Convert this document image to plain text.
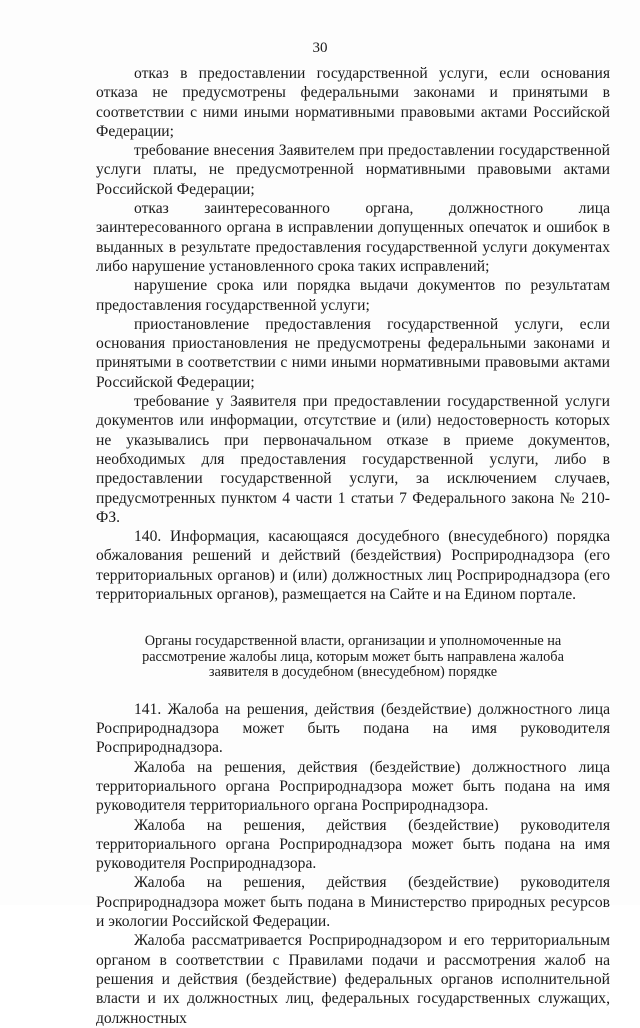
30

отказ в предоставлении государственной услуги, если основания отказа не предусмотрены федеральными законами и принятыми в соответствии с ними иными нормативными правовыми актами Российской Федерации;

требование внесения Заявителем при предоставлении государственной услуги платы, не предусмотренной нормативными правовыми актами Российской Федерации;

отказ заинтересованного органа, должностного лица заинтересованного органа в исправлении допущенных опечаток и ошибок в выданных в результате предоставления государственной услуги документах либо нарушение установленного срока таких исправлений;

нарушение срока или порядка выдачи документов по результатам предоставления государственной услуги;

приостановление предоставления государственной услуги, если основания приостановления не предусмотрены федеральными законами и принятыми в соответствии с ними иными нормативными правовыми актами Российской Федерации;

требование у Заявителя при предоставлении государственной услуги документов или информации, отсутствие и (или) недостоверность которых не указывались при первоначальном отказе в приеме документов, необходимых для предоставления государственной услуги, либо в предоставлении государственной услуги, за исключением случаев, предусмотренных пунктом 4 части 1 статьи 7 Федерального закона № 210-ФЗ.

140. Информация, касающаяся досудебного (внесудебного) порядка обжалования решений и действий (бездействия) Росприроднадзора (его территориальных органов) и (или) должностных лиц Росприроднадзора (его территориальных органов), размещается на Сайте и на Едином портале.

Органы государственной власти, организации и уполномоченные на рассмотрение жалобы лица, которым может быть направлена жалоба заявителя в досудебном (внесудебном) порядке

141. Жалоба на решения, действия (бездействие) должностного лица Росприроднадзора может быть подана на имя руководителя Росприроднадзора.

Жалоба на решения, действия (бездействие) должностного лица территориального органа Росприроднадзора может быть подана на имя руководителя территориального органа Росприроднадзора.

Жалоба на решения, действия (бездействие) руководителя территориального органа Росприроднадзора может быть подана на имя руководителя Росприроднадзора.

Жалоба на решения, действия (бездействие) руководителя Росприроднадзора может быть подана в Министерство природных ресурсов и экологии Российской Федерации.

Жалоба рассматривается Росприроднадзором и его территориальным органом в соответствии с Правилами подачи и рассмотрения жалоб на решения и действия (бездействие) федеральных органов исполнительной власти и их должностных лиц, федеральных государственных служащих, должностных
